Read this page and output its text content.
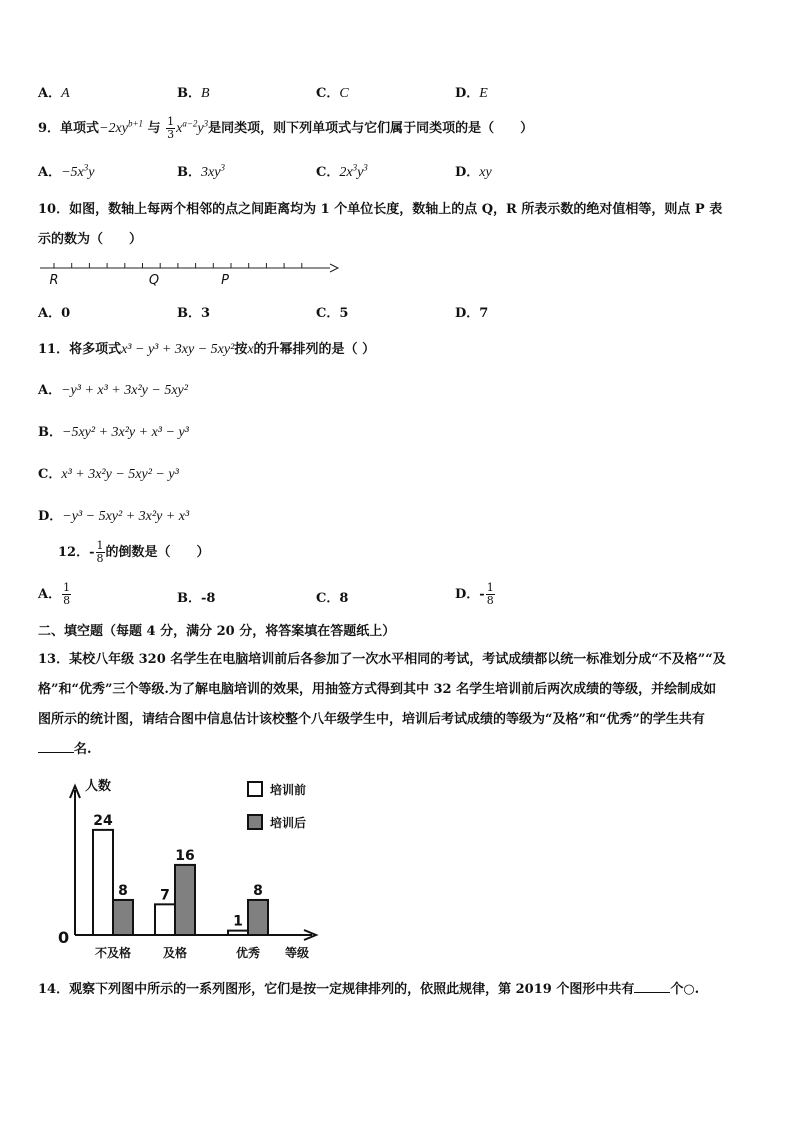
A．A	B．B	C．C	D．E
9．单项式$-2xy^{b+1}$ 与 $\frac{1}{3} x^{a-2}y^3$是同类项，则下列单项式与它们属于同类项的是（　　）
A．$-5x^3y$	B．$3xy^3$	C．$2x^3y^3$	D．xy
10．如图，数轴上每两个相邻的点之间距离均为 1 个单位长度，数轴上的点 Q，R 所表示数的绝对值相等，则点 P 表
示的数为（　　）
R	Q	P
A．0	B．3	C．5	D．7
11．将多项式x³ − y³ + 3xy − 5xy²按x的升幂排列的是（ ）
A．−y³ + x³ + 3x²y − 5xy²
B．−5xy² + 3x²y + x³ − y³
C．x³ + 3x²y − 5xy² − y³
D．−y³ − 5xy² + 3x²y + x³
12．- $\frac{1}{8}$ 的倒数是（　　）
A． $\frac{1}{8}$	B．-8	C．8	D．- $\frac{1}{8}$
二、填空题（每题 4 分，满分 20 分，将答案填在答题纸上）
13．某校八年级 320 名学生在电脑培训前后各参加了一次水平相同的考试，考试成绩都以统一标准划分成“不及格”“及
格”和“优秀”三个等级.为了解电脑培训的效果，用抽签方式得到其中 32 名学生培训前后两次成绩的等级，并绘制成如
图所示的统计图，请结合图中信息估计该校整个八年级学生中，培训后考试成绩的等级为“及格”和“优秀”的学生共有
名.
人数
等级
0
24
8
不及格
7
16
及格
1
8
优秀
培训前
培训后
14．观察下列图中所示的一系列图形，它们是按一定规律排列的，依照此规律，第 2019 个图形中共有	个○.
